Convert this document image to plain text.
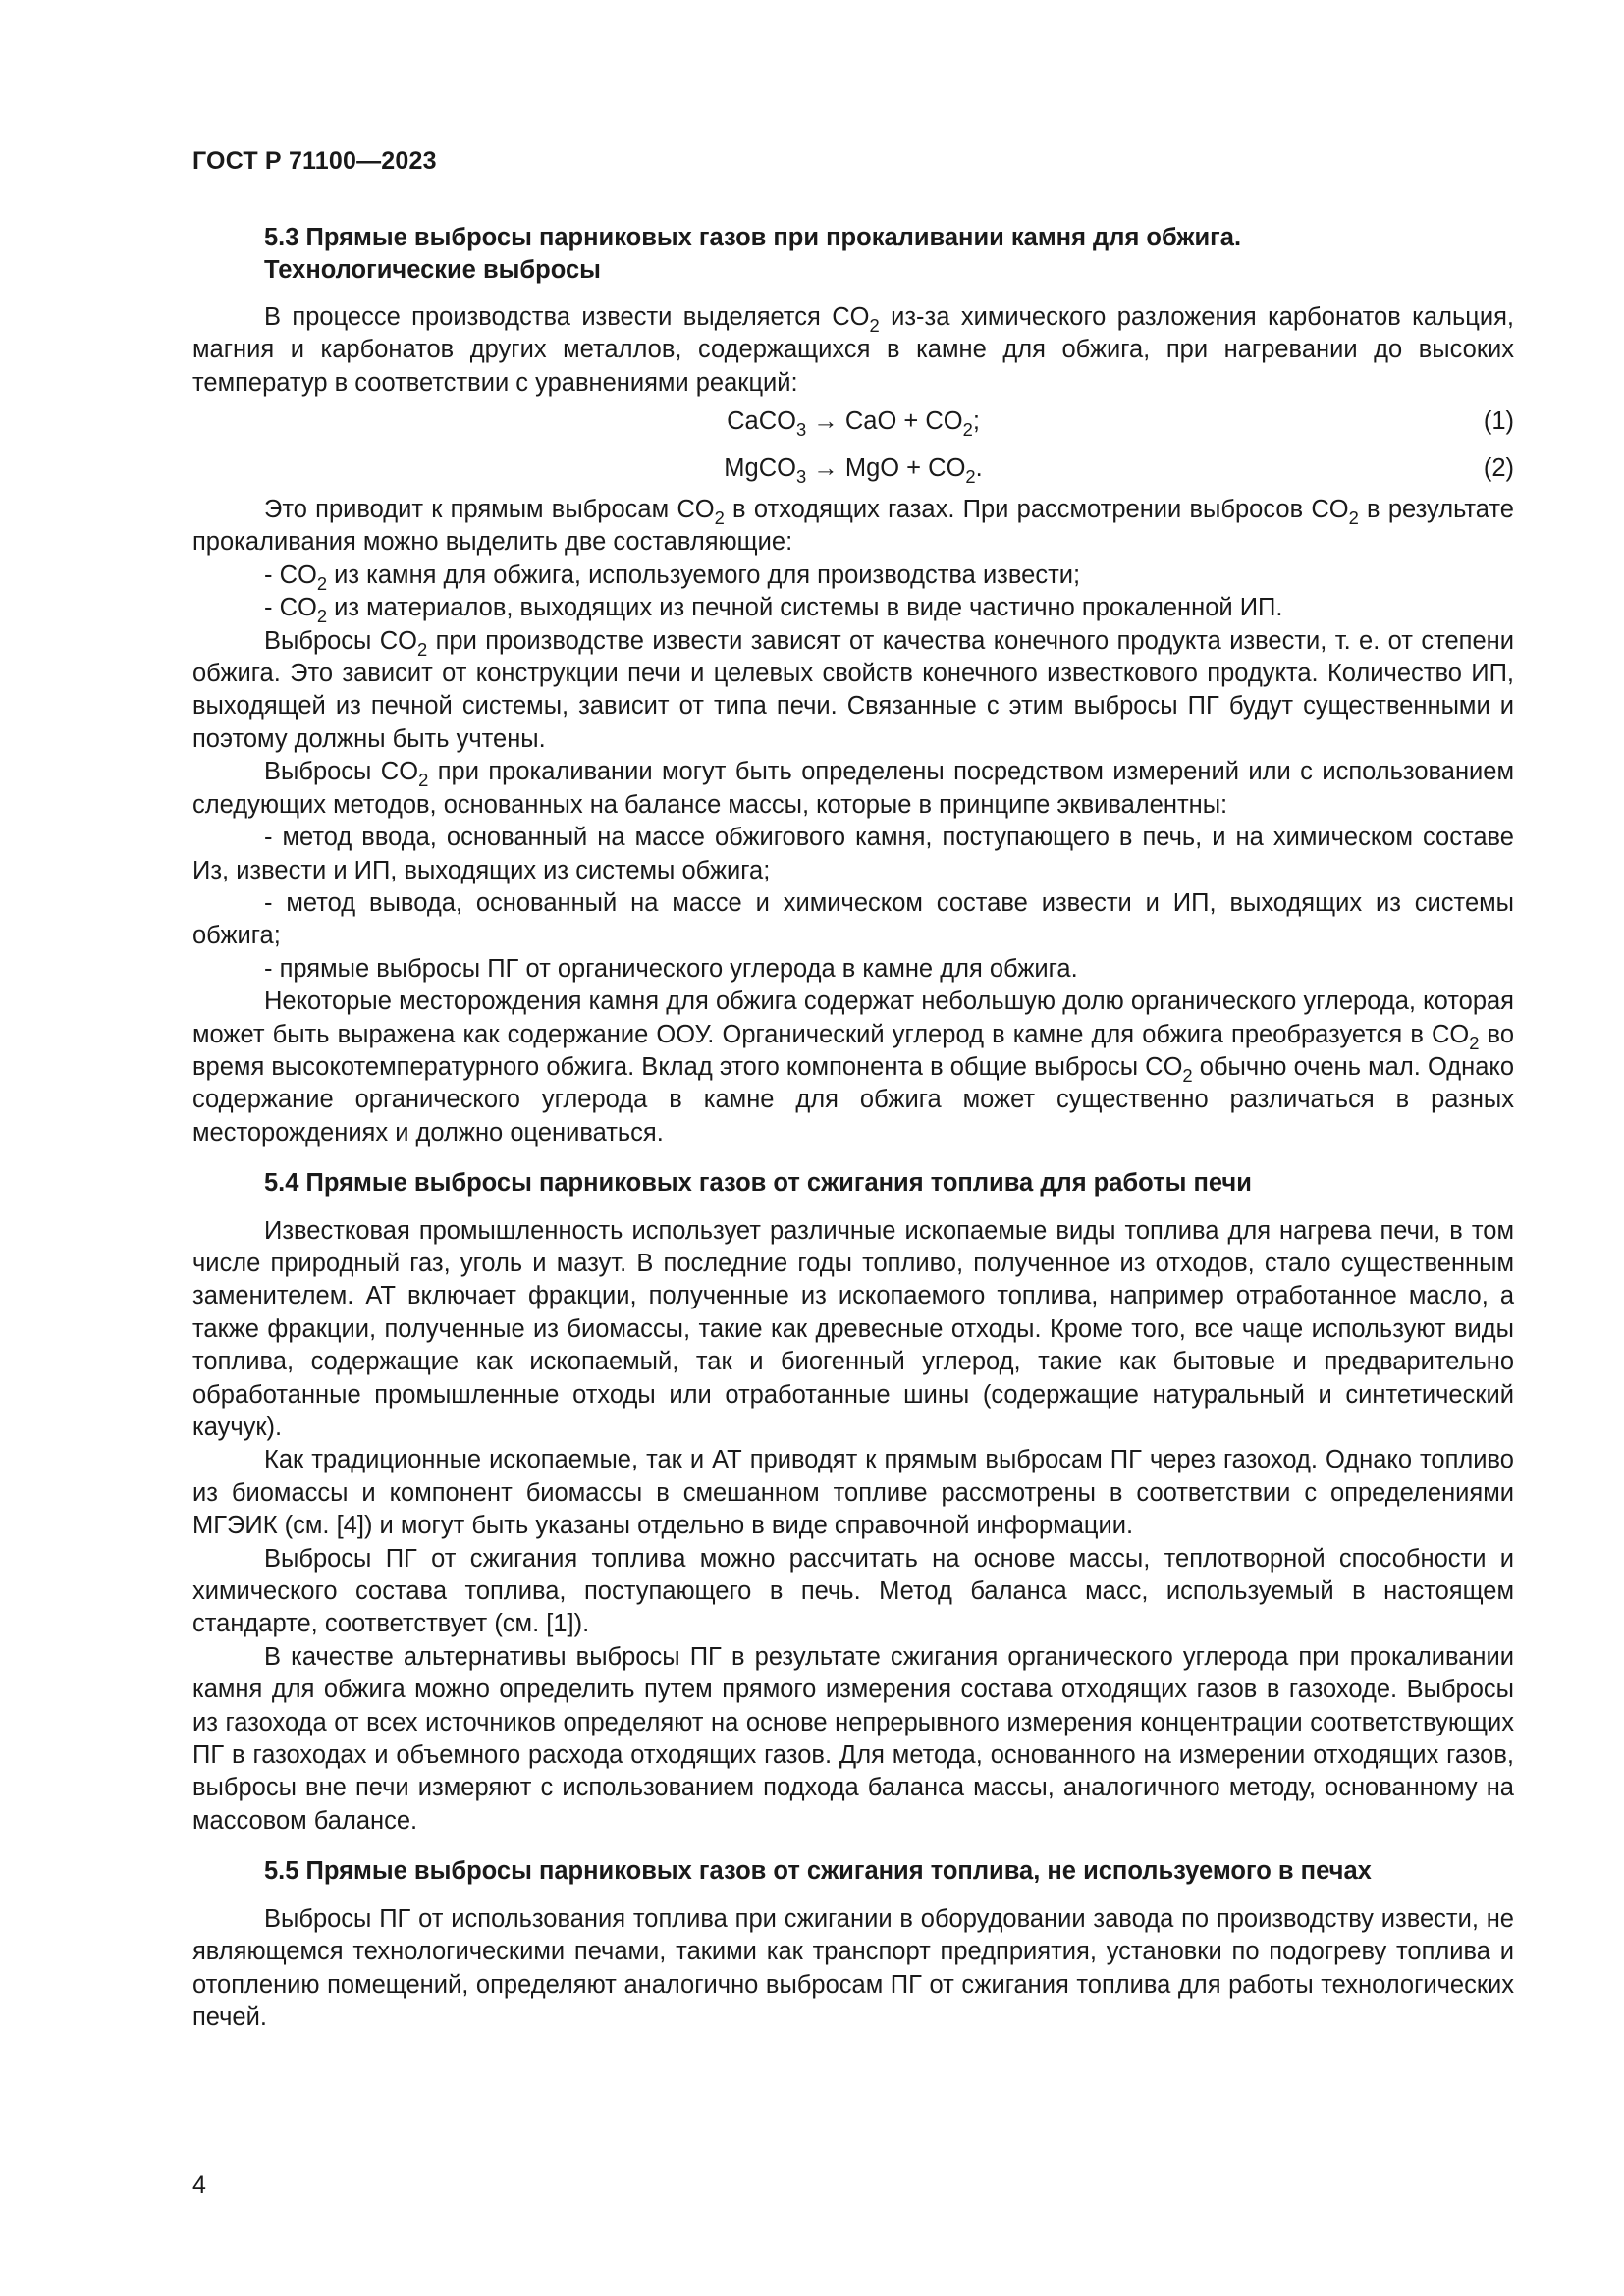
ГОСТ Р 71100—2023
5.3 Прямые выбросы парниковых газов при прокаливании камня для обжига.
Технологические выбросы

В процессе производства извести выделяется $CO_2$ из-за химического разложения карбонатов кальция, магния и карбонатов других металлов, содержащихся в камне для обжига, при нагревании до высоких температур в соответствии с уравнениями реакций:

CaCO$_3$ → CaO + $CO_2$;	(1)
MgCO$_3$ → MgO + $CO_2$.	(2)

Это приводит к прямым выбросам $CO_2$ в отходящих газах. При рассмотрении выбросов $CO_2$ в результате прокаливания можно выделить две составляющие:

- $CO_2$ из камня для обжига, используемого для производства извести;

- $CO_2$ из материалов, выходящих из печной системы в виде частично прокаленной ИП.

Выбросы $CO_2$ при производстве извести зависят от качества конечного продукта извести, т. е. от степени обжига. Это зависит от конструкции печи и целевых свойств конечного известкового продукта. Количество ИП, выходящей из печной системы, зависит от типа печи. Связанные с этим выбросы ПГ будут существенными и поэтому должны быть учтены.

Выбросы $CO_2$ при прокаливании могут быть определены посредством измерений или с использованием следующих методов, основанных на балансе массы, которые в принципе эквивалентны:

- метод ввода, основанный на массе обжигового камня, поступающего в печь, и на химическом составе Из, извести и ИП, выходящих из системы обжига;

- метод вывода, основанный на массе и химическом составе извести и ИП, выходящих из системы обжига;

- прямые выбросы ПГ от органического углерода в камне для обжига.

Некоторые месторождения камня для обжига содержат небольшую долю органического углерода, которая может быть выражена как содержание ООУ. Органический углерод в камне для обжига преобразуется в $CO_2$ во время высокотемпературного обжига. Вклад этого компонента в общие выбросы $CO_2$ обычно очень мал. Однако содержание органического углерода в камне для обжига может существенно различаться в разных месторождениях и должно оцениваться.

5.4 Прямые выбросы парниковых газов от сжигания топлива для работы печи

Известковая промышленность использует различные ископаемые виды топлива для нагрева печи, в том числе природный газ, уголь и мазут. В последние годы топливо, полученное из отходов, стало существенным заменителем. АТ включает фракции, полученные из ископаемого топлива, например отработанное масло, а также фракции, полученные из биомассы, такие как древесные отходы. Кроме того, все чаще используют виды топлива, содержащие как ископаемый, так и биогенный углерод, такие как бытовые и предварительно обработанные промышленные отходы или отработанные шины (содержащие натуральный и синтетический каучук).

Как традиционные ископаемые, так и АТ приводят к прямым выбросам ПГ через газоход. Однако топливо из биомассы и компонент биомассы в смешанном топливе рассмотрены в соответствии с определениями МГЭИК (см. [4]) и могут быть указаны отдельно в виде справочной информации.

Выбросы ПГ от сжигания топлива можно рассчитать на основе массы, теплотворной способности и химического состава топлива, поступающего в печь. Метод баланса масс, используемый в настоящем стандарте, соответствует (см. [1]).

В качестве альтернативы выбросы ПГ в результате сжигания органического углерода при прокаливании камня для обжига можно определить путем прямого измерения состава отходящих газов в газоходе. Выбросы из газохода от всех источников определяют на основе непрерывного измерения концентрации соответствующих ПГ в газоходах и объемного расхода отходящих газов. Для метода, основанного на измерении отходящих газов, выбросы вне печи измеряют с использованием подхода баланса массы, аналогичного методу, основанному на массовом балансе.

5.5 Прямые выбросы парниковых газов от сжигания топлива, не используемого в печах

Выбросы ПГ от использования топлива при сжигании в оборудовании завода по производству извести, не являющемся технологическими печами, такими как транспорт предприятия, установки по подогреву топлива и отоплению помещений, определяют аналогично выбросам ПГ от сжигания топлива для работы технологических печей.

4
